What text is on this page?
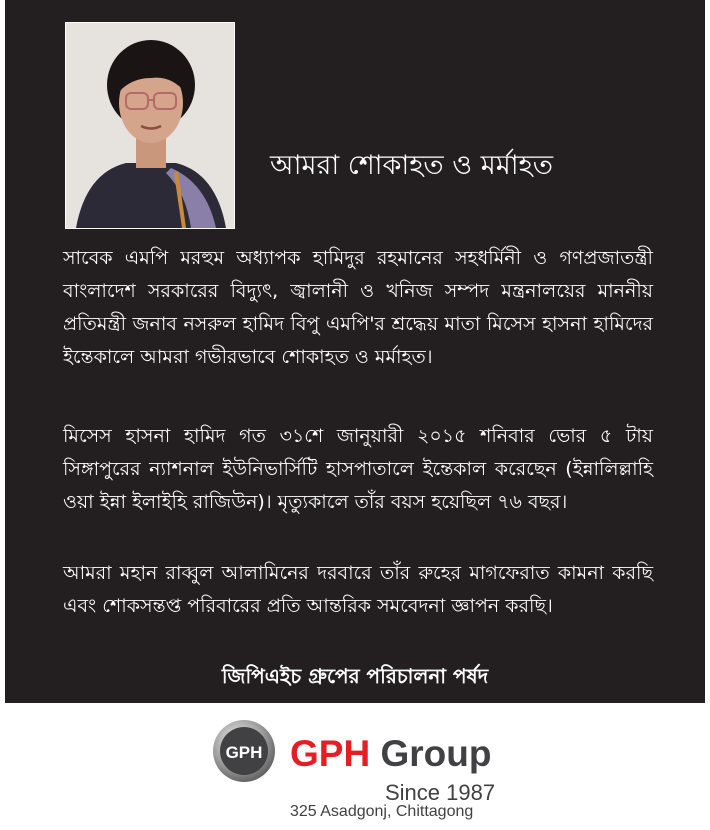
আমরা শোকাহত ও মর্মাহত
সাবেক এমপি মরহুম অধ্যাপক হামিদুর রহমানের সহধর্মিনী ও গণপ্রজাতন্ত্রী বাংলাদেশ সরকারের বিদ্যুৎ, জ্বালানী ও খনিজ সম্পদ মন্ত্রনালয়ের মাননীয় প্রতিমন্ত্রী জনাব নসরুল হামিদ বিপু এমপি'র শ্রদ্ধেয় মাতা মিসেস হাসনা হামিদের ইন্তেকালে আমরা গভীরভাবে শোকাহত ও মর্মাহত।
মিসেস হাসনা হামিদ গত ৩১শে জানুয়ারী ২০১৫ শনিবার ভোর ৫ টায় সিঙ্গাপুরের ন্যাশনাল ইউনিভার্সিটি হাসপাতালে ইন্তেকাল করেছেন (ইন্নালিল্লাহি ওয়া ইন্না ইলাইহি রাজিউন)। মৃত্যুকালে তাঁর বয়স হয়েছিল ৭৬ বছর।
আমরা মহান রাব্বুল আলামিনের দরবারে তাঁর রুহের মাগফেরাত কামনা করছি এবং শোকসন্তপ্ত পরিবারের প্রতি আন্তরিক সমবেদনা জ্ঞাপন করছি।
জিপিএইচ গ্রুপের পরিচালনা পর্ষদ
GPH GPH Group
Since 1987
325 Asadgonj, Chittagong
